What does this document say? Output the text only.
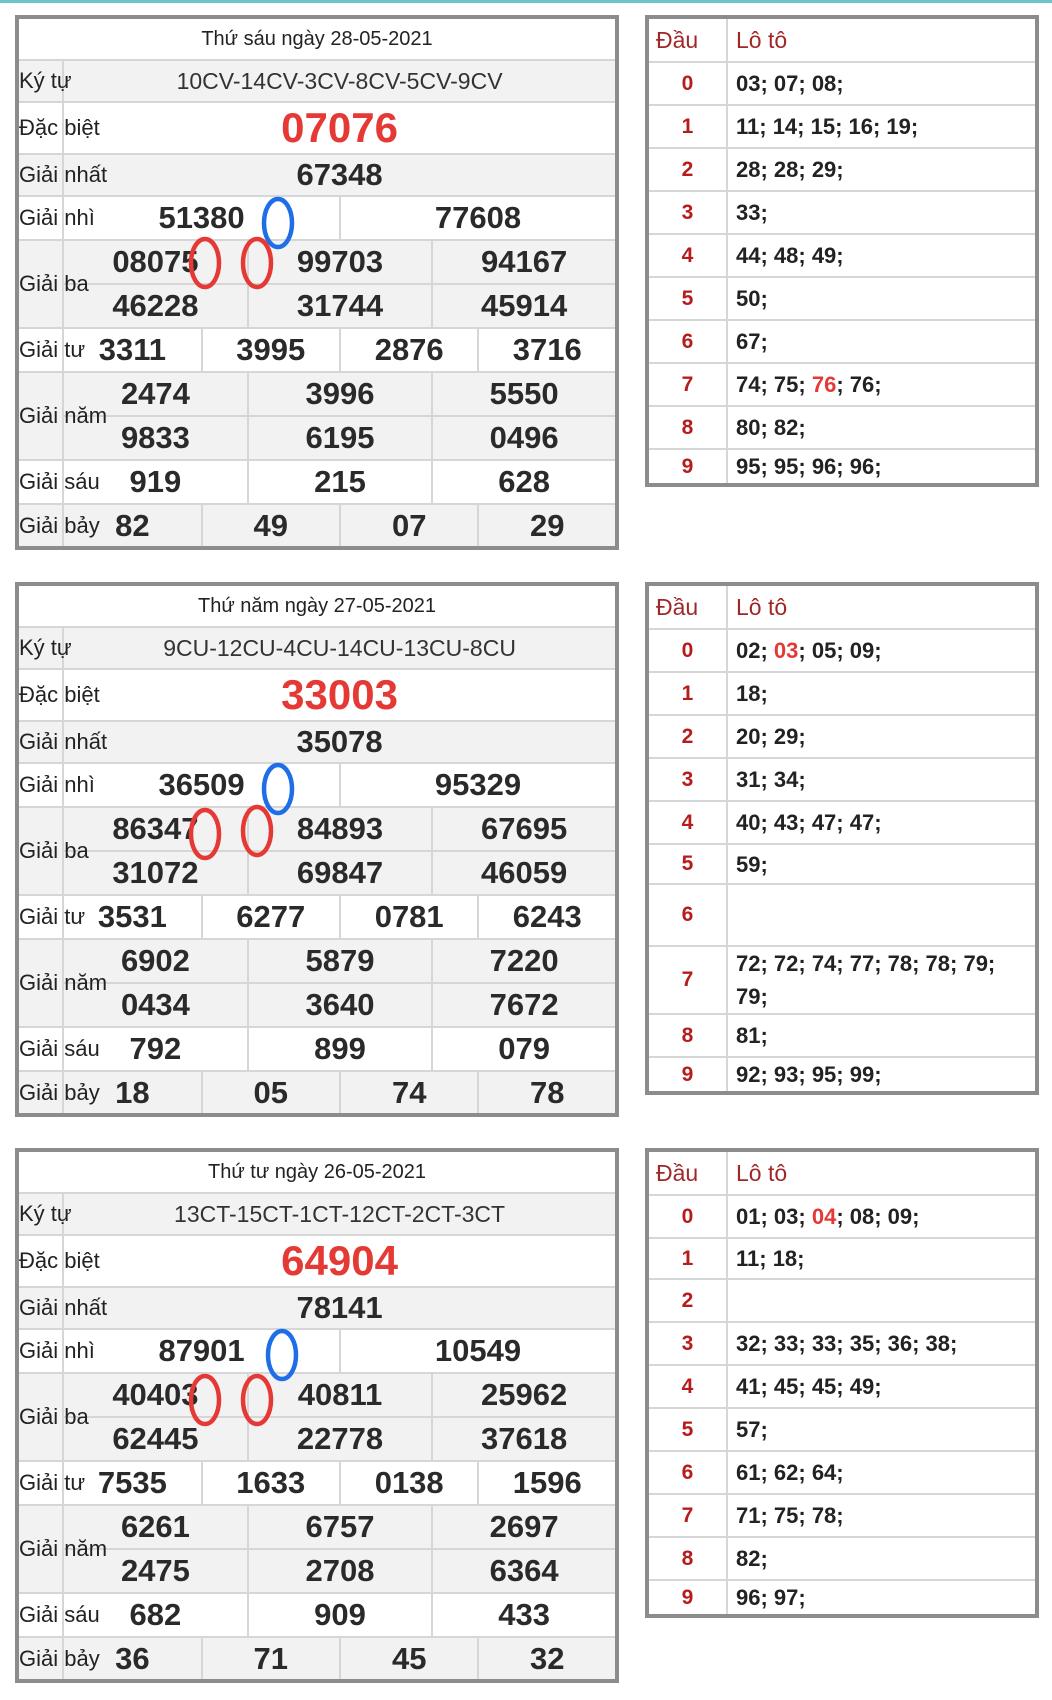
Thứ sáu ngày 28-05-2021						
Ký tự	10CV-14CV-3CV-8CV-5CV-9CV					
Đặc biệt	07076					
Giải nhất	67348					
Giải nhì	51380			77608		
Giải ba	08075		99703		94167	
	46228		31744		45914	
Giải tư	3311	3995		2876		3716
Giải năm	2474		3996		5550	
	9833		6195		0496	
Giải sáu	919		215		628	
Giải bảy	82	49		07		29
Đầu	Lô tô
0	03; 07; 08;
1	11; 14; 15; 16; 19;
2	28; 28; 29;
3	33;
4	44; 48; 49;
5	50;
6	67;
7	74; 75; 76; 76;
8	80; 82;
9	95; 95; 96; 96;
Thứ năm ngày 27-05-2021						
Ký tự	9CU-12CU-4CU-14CU-13CU-8CU					
Đặc biệt	33003					
Giải nhất	35078					
Giải nhì	36509			95329		
Giải ba	86347		84893		67695	
	31072		69847		46059	
Giải tư	3531	6277		0781		6243
Giải năm	6902		5879		7220	
	0434		3640		7672	
Giải sáu	792		899		079	
Giải bảy	18	05		74		78
Đầu	Lô tô
0	02; 03; 05; 09;
1	18;
2	20; 29;
3	31; 34;
4	40; 43; 47; 47;
5	59;
6	
7	72; 72; 74; 77; 78; 78; 79; 79;
8	81;
9	92; 93; 95; 99;
Thứ tư ngày 26-05-2021						
Ký tự	13CT-15CT-1CT-12CT-2CT-3CT					
Đặc biệt	64904					
Giải nhất	78141					
Giải nhì	87901			10549		
Giải ba	40403		40811		25962	
	62445		22778		37618	
Giải tư	7535	1633		0138		1596
Giải năm	6261		6757		2697	
	2475		2708		6364	
Giải sáu	682		909		433	
Giải bảy	36	71		45		32
Đầu	Lô tô
0	01; 03; 04; 08; 09;
1	11; 18;
2	
3	32; 33; 33; 35; 36; 38;
4	41; 45; 45; 49;
5	57;
6	61; 62; 64;
7	71; 75; 78;
8	82;
9	96; 97;
